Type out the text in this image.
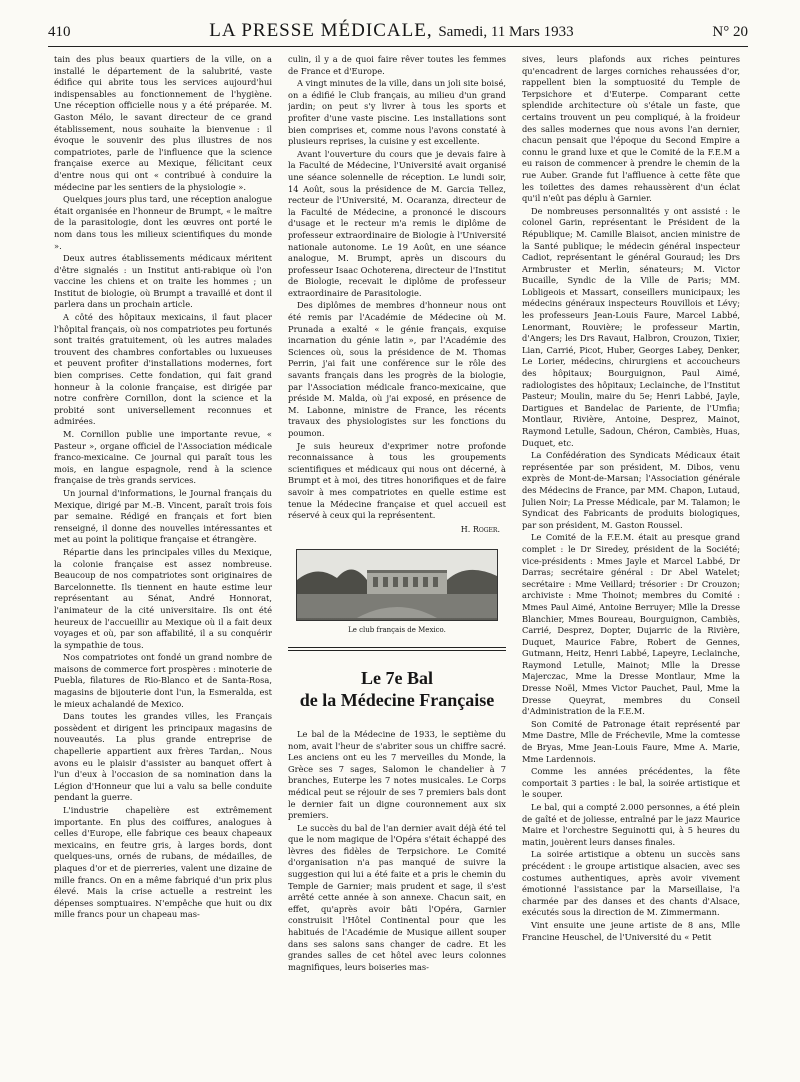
410	LA PRESSE MÉDICALE, Samedi, 11 Mars 1933	N° 20

tain des plus beaux quartiers de la ville, on a installé le département de la salubrité, vaste édifice qui abrite tous les services aujourd'hui indispensables au fonctionnement de l'hygiène. Une réception officielle nous y a été préparée. M. Gaston Mélo, le savant directeur de ce grand établissement, nous souhaite la bienvenue : il évoque le souvenir des plus illustres de nos compatriotes, parle de l'influence que la science française exerce au Mexique, félicitant ceux d'entre nous qui ont « contribué à conduire la médecine par les sentiers de la physiologie ».

Quelques jours plus tard, une réception analogue était organisée en l'honneur de Brumpt, « le maître de la parasitologie, dont les œuvres ont porté le nom dans tous les milieux scientifiques du monde ».

Deux autres établissements médicaux méritent d'être signalés : un Institut anti-rabique où l'on vaccine les chiens et on traite les hommes ; un Institut de biologie, où Brumpt a travaillé et dont il parlera dans un prochain article.

A côté des hôpitaux mexicains, il faut placer l'hôpital français, où nos compatriotes peu fortunés sont traités gratuitement, où les autres malades trouvent des chambres confortables ou luxueuses et peuvent profiter d'installations modernes, fort bien comprises. Cette fondation, qui fait grand honneur à la colonie française, est dirigée par notre confrère Cornillon, dont la science et la probité sont universellement reconnues et admirées.

M. Cornillon publie une importante revue, « Pasteur », organe officiel de l'Association médicale franco-mexicaine. Ce journal qui paraît tous les mois, en langue espagnole, rend à la science française de très grands services.

Un journal d'informations, le Journal français du Mexique, dirigé par M.-B. Vincent, paraît trois fois par semaine. Rédigé en français et fort bien renseigné, il donne des nouvelles intéressantes et met au point la politique française et étrangère.

Répartie dans les principales villes du Mexique, la colonie française est assez nombreuse. Beaucoup de nos compatriotes sont originaires de Barcelonnette. Ils tiennent en haute estime leur représentant au Sénat, André Honnorat, l'animateur de la cité universitaire. Ils ont été heureux de l'accueillir au Mexique où il a fait deux voyages et où, par son affabilité, il a su conquérir la sympathie de tous.

Nos compatriotes ont fondé un grand nombre de maisons de commerce fort prospères : minoterie de Puebla, filatures de Rio-Blanco et de Santa-Rosa, magasins de bijouterie dont l'un, la Esmeralda, est le mieux achalandé de Mexico.

Dans toutes les grandes villes, les Français possèdent et dirigent les principaux magasins de nouveautés. La plus grande entreprise de chapellerie appartient aux frères Tardan,. Nous avons eu le plaisir d'assister au banquet offert à l'un d'eux à l'occasion de sa nomination dans la Légion d'Honneur que lui a valu sa belle conduite pendant la guerre.

L'industrie chapelière est extrêmement importante. En plus des coiffures, analogues à celles d'Europe, elle fabrique ces beaux chapeaux mexicains, en feutre gris, à larges bords, dont quelques-uns, ornés de rubans, de médailles, de plaques d'or et de pierreries, valent une dizaine de mille francs. On en a même fabriqué d'un prix plus élevé. Mais la crise actuelle a restreint les dépenses somptuaires. N'empêche que huit ou dix mille francs pour un chapeau mas-

culin, il y a de quoi faire rêver toutes les femmes de France et d'Europe.

A vingt minutes de la ville, dans un joli site boisé, on a édifié le Club français, au milieu d'un grand jardin; on peut s'y livrer à tous les sports et profiter d'une vaste piscine. Les installations sont bien comprises et, comme nous l'avons constaté à plusieurs reprises, la cuisine y est excellente.

Avant l'ouverture du cours que je devais faire à la Faculté de Médecine, l'Université avait organisé une séance solennelle de réception. Le lundi soir, 14 Août, sous la présidence de M. Garcia Tellez, recteur de l'Université, M. Ocaranza, directeur de la Faculté de Médecine, a prononcé le discours d'usage et le recteur m'a remis le diplôme de professeur extraordinaire de Biologie à l'Université nationale autonome. Le 19 Août, en une séance analogue, M. Brumpt, après un discours du professeur Isaac Ochoterena, directeur de l'Institut de Biologie, recevait le diplôme de professeur extraordinaire de Parasitologie.

Des diplômes de membres d'honneur nous ont été remis par l'Académie de Médecine où M. Prunada a exalté « le génie français, exquise incarnation du génie latin », par l'Académie des Sciences où, sous la présidence de M. Thomas Perrin, j'ai fait une conférence sur le rôle des savants français dans les progrès de la biologie, par l'Association médicale franco-mexicaine, que préside M. Malda, où j'ai exposé, en présence de M. Labonne, ministre de France, les récents travaux des physiologistes sur les fonctions du poumon.

Je suis heureux d'exprimer notre profonde reconnaissance à tous les groupements scientifiques et médicaux qui nous ont décerné, à Brumpt et à moi, des titres honorifiques et de faire savoir à mes compatriotes en quelle estime est tenue la Médecine française et quel accueil est réservé à ceux qui la représentent.

H. Roger.
Le club français de Mexico.
Le 7e Bal
de la Médecine Française

Le bal de la Médecine de 1933, le septième du nom, avait l'heur de s'abriter sous un chiffre sacré. Les anciens ont eu les 7 merveilles du Monde, la Grèce ses 7 sages, Salomon le chandelier à 7 branches, Euterpe les 7 notes musicales. Le Corps médical peut se réjouir de ses 7 premiers bals dont le dernier fait un digne couronnement aux six premiers.

Le succès du bal de l'an dernier avait déjà été tel que le nom magique de l'Opéra s'était échappé des lèvres des fidèles de Terpsichore. Le Comité d'organisation n'a pas manqué de suivre la suggestion qui lui a été faite et a pris le chemin du Temple de Garnier; mais prudent et sage, il s'est arrêté cette année à son annexe. Chacun sait, en effet, qu'après avoir bâti l'Opéra, Garnier construisit l'Hôtel Continental pour que les habitués de l'Académie de Musique aillent souper dans ses salons sans changer de cadre. Et les grandes salles de cet hôtel avec leurs colonnes magnifiques, leurs boiseries mas-

sives, leurs plafonds aux riches peintures qu'encadrent de larges corniches rehaussées d'or, rappellent bien la somptuosité du Temple de Terpsichore et d'Euterpe. Comparant cette splendide architecture où s'étale un faste, que certains trouvent un peu compliqué, à la froideur des salles modernes que nous avons l'an dernier, chacun pensait que l'époque du Second Empire a connu le grand luxe et que le Comité de la F.E.M a eu raison de commencer à prendre le chemin de la rue Auber. Grande fut l'affluence à cette fête que les toilettes des dames rehaussèrent d'un éclat qu'il n'eût pas déplu à Garnier.

De nombreuses personnalités y ont assisté : le colonel Garin, représentant le Président de la République; M. Camille Blaisot, ancien ministre de la Santé publique; le médecin général inspecteur Cadiot, représentant le général Gouraud; les Drs Armbruster et Merlin, sénateurs; M. Victor Bucaille, Syndic de la Ville de Paris; MM. Lobligeois et Massart, conseillers municipaux; les médecins généraux inspecteurs Rouvillois et Lévy; les professeurs Jean-Louis Faure, Marcel Labbé, Lenormant, Rouvière; le professeur Martin, d'Angers; les Drs Ravaut, Halbron, Crouzon, Tixier, Lian, Carrié, Picot, Huber, Georges Labey, Denker, Le Lorier, médecins, chirurgiens et accoucheurs des hôpitaux; Bourguignon, Paul Aimé, radiologistes des hôpitaux; Leclainche, de l'Institut Pasteur; Moulin, maire du 5e; Henri Labbé, Jayle, Dartigues et Bandelac de Pariente, de l'Umfia; Montlaur, Rivière, Antoine, Desprez, Mainot, Raymond Letulle, Sadoun, Chéron, Cambiès, Huas, Duquet, etc.

La Confédération des Syndicats Médicaux était représentée par son président, M. Dibos, venu exprès de Mont-de-Marsan; l'Association générale des Médecins de France, par MM. Chapon, Lutaud, Julien Noir; La Presse Médicale, par M. Talamon; le Syndicat des Fabricants de produits biologiques, par son président, M. Gaston Roussel.

Le Comité de la F.E.M. était au presque grand complet : le Dr Siredey, président de la Société; vice-présidents : Mmes Jayle et Marcel Labbé, Dr Darras; secrétaire général : Dr Abel Watelet; secrétaire : Mme Veillard; trésorier : Dr Crouzon; archiviste : Mme Thoinot; membres du Comité : Mmes Paul Aimé, Antoine Berruyer; Mlle la Dresse Blanchier, Mmes Boureau, Bourguignon, Cambiès, Carrié, Desprez, Dopter, Dujarric de la Rivière, Duquet, Maurice Fabre, Robert de Gennes, Gutmann, Heitz, Henri Labbé, Lapeyre, Leclainche, Raymond Letulle, Mainot; Mlle la Dresse Majerczac, Mme la Dresse Montlaur, Mme la Dresse Noël, Mmes Victor Pauchet, Paul, Mme la Dresse Queyrat, membres du Conseil d'Administration de la F.E.M.

Son Comité de Patronage était représenté par Mme Dastre, Mlle de Fréchevile, Mme la comtesse de Bryas, Mme Jean-Louis Faure, Mme A. Marie, Mme Lardennois.

Comme les années précédentes, la fête comportait 3 parties : le bal, la soirée artistique et le souper.

Le bal, qui a compté 2.000 personnes, a été plein de gaîté et de joliesse, entraîné par le jazz Maurice Maire et l'orchestre Seguinotti qui, à 5 heures du matin, jouèrent leurs danses finales.

La soirée artistique a obtenu un succès sans précédent : le groupe artistique alsacien, avec ses costumes authentiques, après avoir vivement émotionné l'assistance par la Marseillaise, l'a charmée par des danses et des chants d'Alsace, exécutés sous la direction de M. Zimmermann.

Vint ensuite une jeune artiste de 8 ans, Mlle Francine Heuschel, de l'Université du « Petit
